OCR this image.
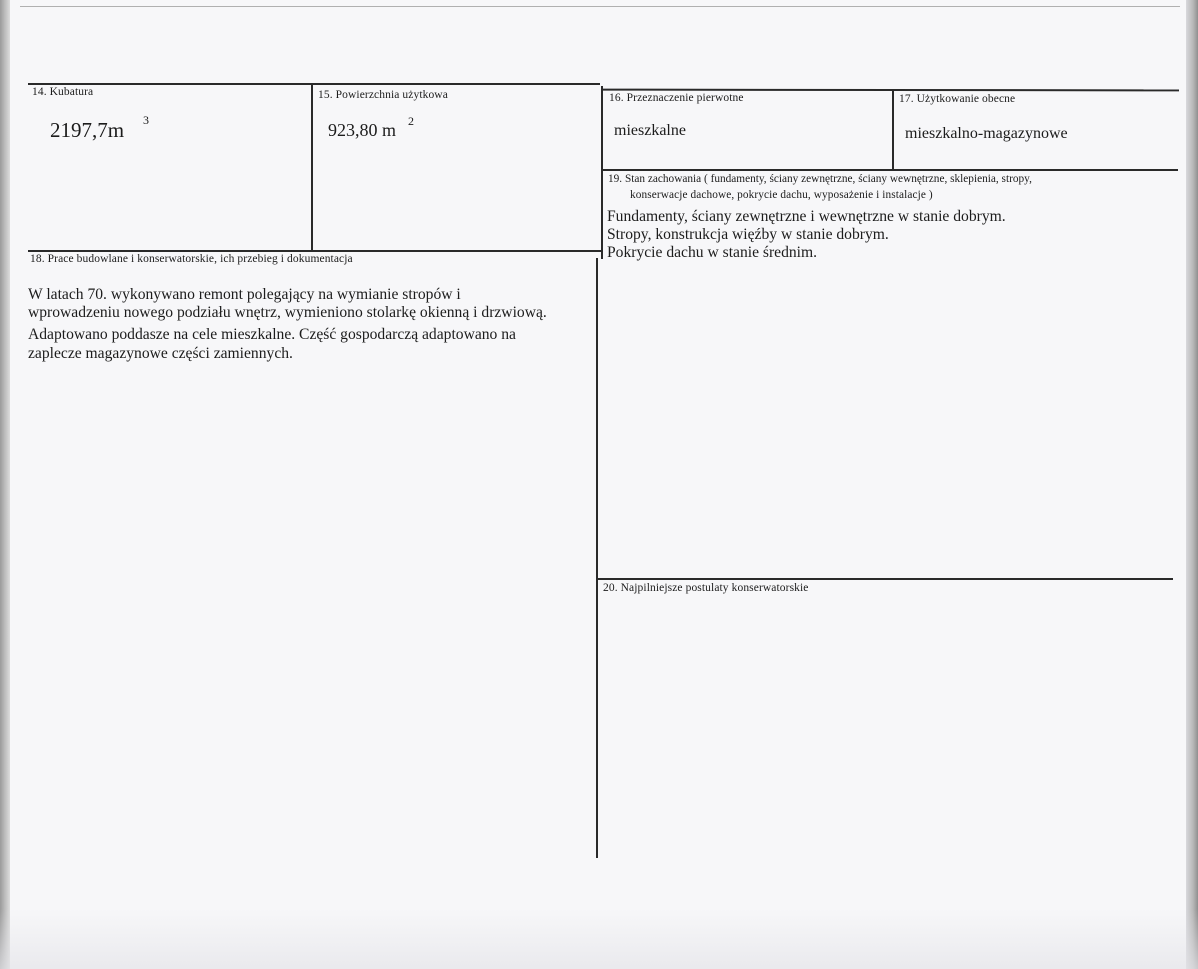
14. Kubatura
2197,7m 3
15. Powierzchnia użytkowa
923,80 m 2
16. Przeznaczenie pierwotne
mieszkalne
17. Użytkowanie obecne
mieszkalno-magazynowe
19. Stan zachowania ( fundamenty, ściany zewnętrzne, ściany wewnętrzne, sklepienia, stropy,
konserwacje dachowe, pokrycie dachu, wyposażenie i instalacje )
Fundamenty, ściany zewnętrzne i wewnętrzne w stanie dobrym.
Stropy, konstrukcja więźby w stanie dobrym.
Pokrycie dachu w stanie średnim.
18. Prace budowlane i konserwatorskie, ich przebieg i dokumentacja
W latach 70. wykonywano remont polegający na wymianie stropów i
wprowadzeniu nowego podziału wnętrz, wymieniono stolarkę okienną i drzwiową.
Adaptowano poddasze na cele mieszkalne. Część gospodarczą adaptowano na
zaplecze magazynowe części zamiennych.
20. Najpilniejsze postulaty konserwatorskie
